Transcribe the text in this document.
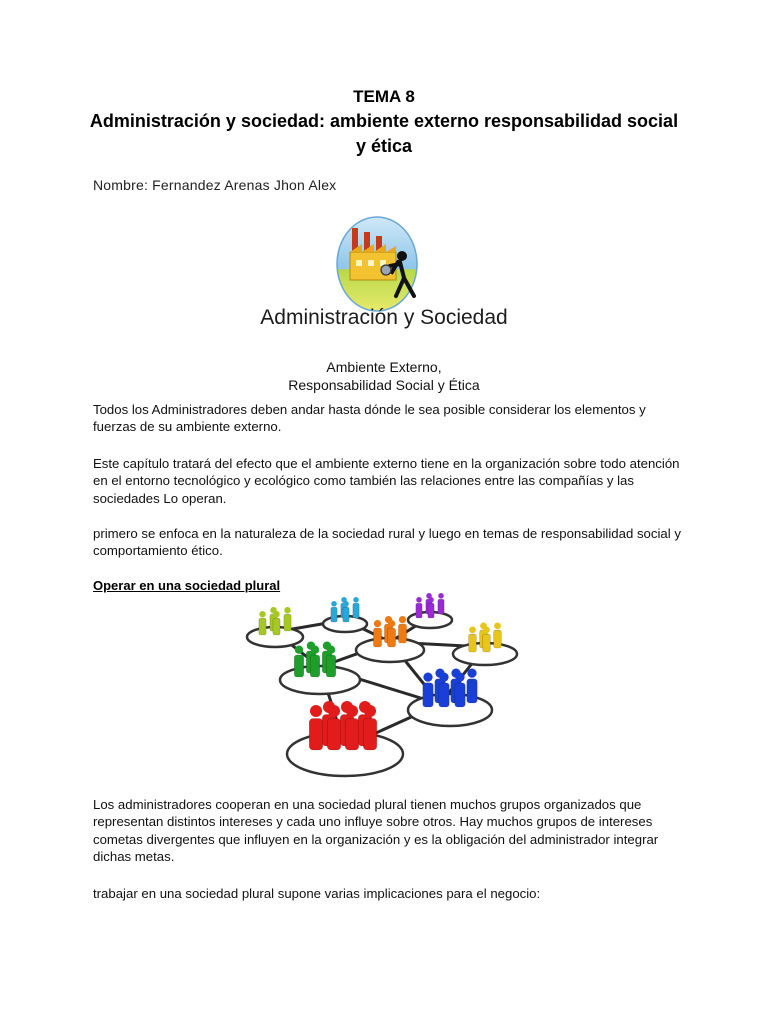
TEMA 8
Administración y sociedad: ambiente externo responsabilidad social y ética
Nombre: Fernandez Arenas Jhon Alex
Administración y Sociedad
Ambiente Externo,
Responsabilidad Social y Ética
Todos los Administradores deben andar hasta dónde le sea posible considerar los elementos y fuerzas de su ambiente externo.
Este capítulo tratará del efecto que el ambiente externo tiene en la organización sobre todo atención en el entorno tecnológico y ecológico como también las relaciones entre las compañías y las sociedades Lo operan.
primero se enfoca en la naturaleza de la sociedad rural y luego en temas de responsabilidad social y comportamiento ético.
Operar en una sociedad plural
Los administradores cooperan en una sociedad plural tienen muchos grupos organizados que representan distintos intereses y cada uno influye sobre otros. Hay muchos grupos de intereses cometas divergentes que influyen en la organización y es la obligación del administrador integrar dichas metas.
trabajar en una sociedad plural supone varias implicaciones para el negocio:
